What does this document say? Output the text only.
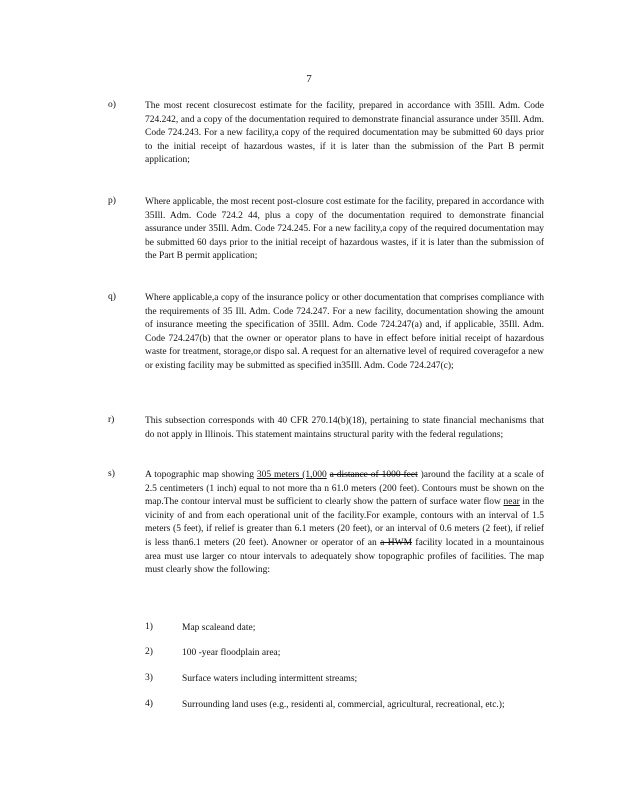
7
o)	The most recent closurecost estimate for the facility, prepared in accordance with 35Ill. Adm. Code 724.242, and a copy of the documentation required to demonstrate financial assurance under 35Ill. Adm. Code 724.243. For a new facility,a copy of the required documentation may be submitted 60 days prior to the initial receipt of hazardous wastes, if it is later than the submission of the Part B permit application;
p)	Where applicable, the most recent post-closure cost estimate for the facility, prepared in accordance with 35Ill. Adm. Code 724.2 44, plus a copy of the documentation required to demonstrate financial assurance under 35Ill. Adm. Code 724.245. For a new facility,a copy of the required documentation may be submitted 60 days prior to the initial receipt of hazardous wastes, if it is later than the submission of the Part B permit application;
q)	Where applicable,a copy of the insurance policy or other documentation that comprises compliance with the requirements of 35 Ill. Adm. Code 724.247. For a new facility, documentation showing the amount of insurance meeting the specification of 35Ill. Adm. Code 724.247(a) and, if applicable, 35Ill. Adm. Code 724.247(b) that the owner or operator plans to have in effect before initial receipt of hazardous waste for treatment, storage,or dispo sal. A request for an alternative level of required coveragefor a new or existing facility may be submitted as specified in35Ill. Adm. Code 724.247(c);
r)	This subsection corresponds with 40 CFR 270.14(b)(18), pertaining to state financial mechanisms that do not apply in Illinois. This statement maintains structural parity with the federal regulations;
s)	A topographic map showing 305 meters (1,000 a distance of 1000 feet )around the facility at a scale of 2.5 centimeters (1 inch) equal to not more tha n 61.0 meters (200 feet). Contours must be shown on the map.The contour interval must be sufficient to clearly show the pattern of surface water flow near in the vicinity of and from each operational unit of the facility.For example, contours with an interval of 1.5 meters (5 feet), if relief is greater than 6.1 meters (20 feet), or an interval of 0.6 meters (2 feet), if relief is less than6.1 meters (20 feet). Anowner or operator of an a HWM facility located in a mountainous area must use larger co ntour intervals to adequately show topographic profiles of facilities. The map must clearly show the following:
1)	Map scaleand date;
2)	100 -year floodplain area;
3)	Surface waters including intermittent streams;
4)	Surrounding land uses (e.g., residenti al, commercial, agricultural, recreational, etc.);
